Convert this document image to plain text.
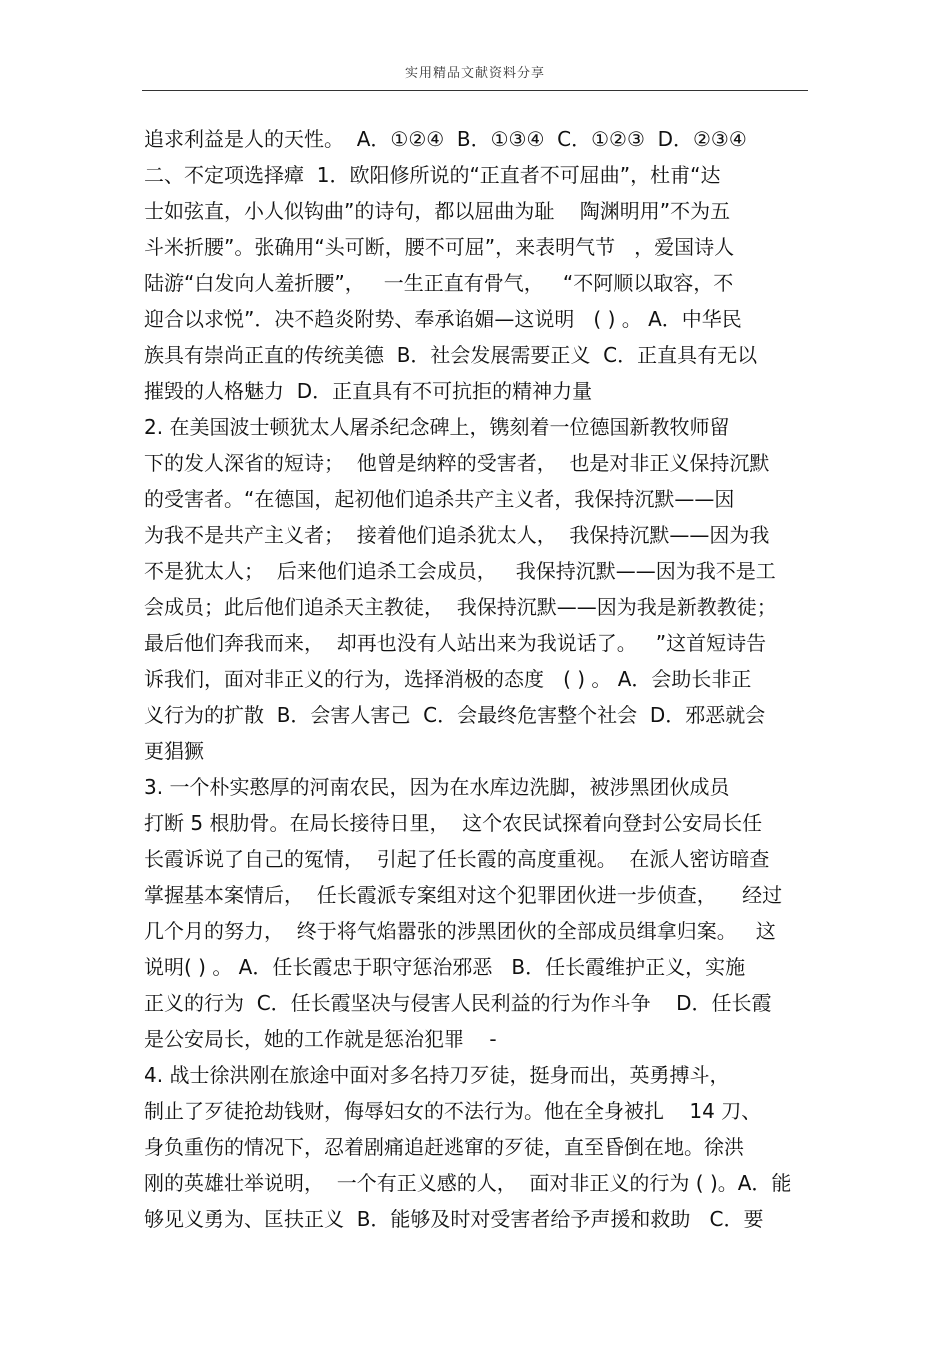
实用精品文献资料分享
追求利益是人的天性。  A．①②④  B．①③④  C．①②③  D．②③④
二、不定项选择瘴  1．欧阳修所说的“正直者不可屈曲”，杜甫“达
士如弦直，小人似钩曲”的诗句，都以屈曲为耻    陶渊明用”不为五
斗米折腰”。张确用“头可断，腰不可屈”，来表明气节   ，爱国诗人
陆游“白发向人羞折腰”，   一生正直有骨气，   “不阿顺以取容，不
迎合以求悦”．决不趋炎附势、奉承谄媚—这说明   ( ) 。 A．中华民
族具有崇尚正直的传统美德  B．社会发展需要正义  C．正直具有无以
摧毁的人格魅力  D．正直具有不可抗拒的精神力量
2. 在美国波士顿犹太人屠杀纪念碑上，镌刻着一位德国新教牧师留
下的发人深省的短诗；  他曾是纳粹的受害者，  也是对非正义保持沉默
的受害者。“在德国，起初他们追杀共产主义者，我保持沉默——因
为我不是共产主义者；  接着他们追杀犹太人，  我保持沉默——因为我
不是犹太人；  后来他们追杀工会成员，   我保持沉默——因为我不是工
会成员；此后他们追杀天主教徒，  我保持沉默——因为我是新教教徒；
最后他们奔我而来，  却再也没有人站出来为我说话了。   ”这首短诗告
诉我们，面对非正义的行为，选择消极的态度   ( ) 。 A．会助长非正
义行为的扩散  B．会害人害己  C．会最终危害整个社会  D．邪恶就会
更猖獗
3. 一个朴实憨厚的河南农民，因为在水库边洗脚，被涉黑团伙成员
打断 5 根肋骨。在局长接待日里，  这个农民试探着向登封公安局长任
长霞诉说了自己的冤情，  引起了任长霞的高度重视。  在派人密访暗查
掌握基本案情后，  任长霞派专案组对这个犯罪团伙进一步侦查，    经过
几个月的努力，  终于将气焰嚣张的涉黑团伙的全部成员缉拿归案。   这
说明( ) 。 A．任长霞忠于职守惩治邪恶   B．任长霞维护正义，实施
正义的行为  C．任长霞坚决与侵害人民利益的行为作斗争    D．任长霞
是公安局长，她的工作就是惩治犯罪    -
4. 战士徐洪刚在旅途中面对多名持刀歹徒，挺身而出，英勇搏斗，
制止了歹徒抢劫钱财，侮辱妇女的不法行为。他在全身被扎    14 刀、
身负重伤的情况下，忍着剧痛追赶逃窜的歹徒，直至昏倒在地。徐洪
刚的英雄壮举说明，  一个有正义感的人，  面对非正义的行为 ( )。A．能
够见义勇为、匡扶正义  B．能够及时对受害者给予声援和救助   C．要
